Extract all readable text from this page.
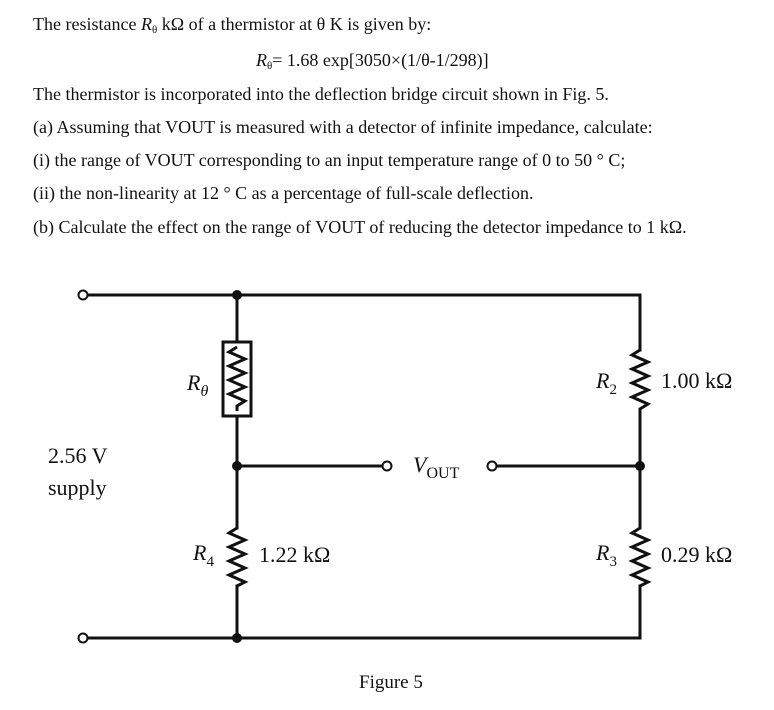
The resistance $R_\theta$ kΩ of a thermistor at θ K is given by:
$R_\theta= 1.68$ exp[3050×(1/θ-1/298)]
The thermistor is incorporated into the deflection bridge circuit shown in Fig. 5.
(a) Assuming that VOUT is measured with a detector of infinite impedance, calculate:
(i) the range of VOUT corresponding to an input temperature range of 0 to 50 ° C;
(ii) the non-linearity at 12 ° C as a percentage of full-scale deflection.
(b) Calculate the effect on the range of VOUT of reducing the detector impedance to 1 kΩ.
2.56 V
supply
$R_\theta$	$R_2$ 1.00 kΩ
$R_4$ 1.22 kΩ	$R_3$ 0.29 kΩ
$V_{OUT}$
Figure 5
